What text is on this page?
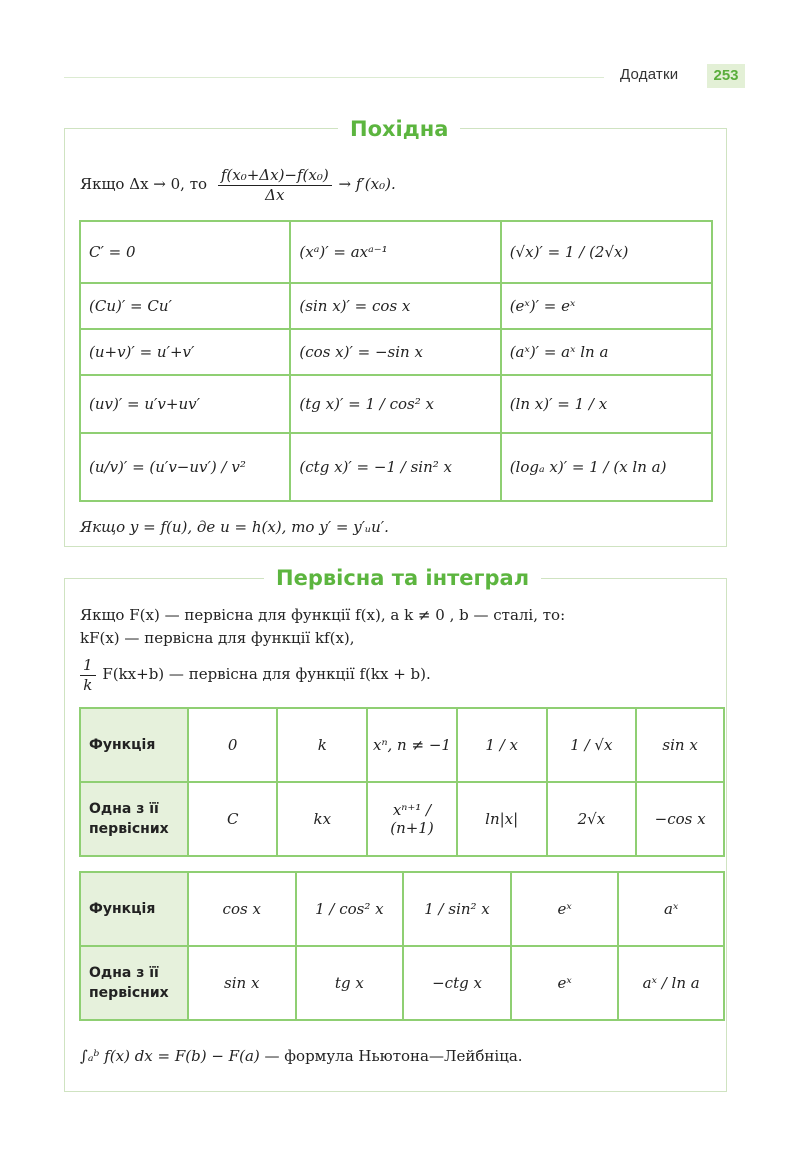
Додатки	253
Похідна
Якщо Δx → 0, то $\frac{\text{f(x₀+Δx)−f(x₀)}}{\Delta x} \to f'(x_0)$.
C′ = 0	(xᵃ)′ = axᵃ⁻¹	(√x)′ = 1 / (2√x)
(Cu)′ = Cu′	(sin x)′ = cos x	(eˣ)′ = eˣ
(u+v)′ = u′+v′	(cos x)′ = −sin x	(aˣ)′ = aˣ ln a
(uv)′ = u′v+uv′	(tg x)′ = 1 / cos² x	(ln x)′ = 1 / x
(u/v)′ = (u′v−uv′) / v²	(ctg x)′ = −1 / sin² x	(logₐ x)′ = 1 / (x ln a)
Якщо y = f(u), де u = h(x), то y′ = y′ᵤu′.
Первісна та інтеграл
Якщо F(x) — первісна для функції f(x), а k ≠ 0 , b — сталі, то:
kF(x) — первісна для функції kf(x),
$\frac{1}{k} F(kx+b)$ — первісна для функції f(kx + b).
Функція	0	k	xⁿ, n ≠ −1	1 / x	1 / √x	sin x
Одна з її первісних	C	kx	xⁿ⁺¹ / (n+1)	ln|x|	2√x	−cos x
Функція	cos x	1 / cos² x	1 / sin² x	eˣ	aˣ
Одна з її первісних	sin x	tg x	−ctg x	eˣ	aˣ / ln a
∫ₐᵇ f(x) dx = F(b) − F(a) — формула Ньютона—Лейбніца.
